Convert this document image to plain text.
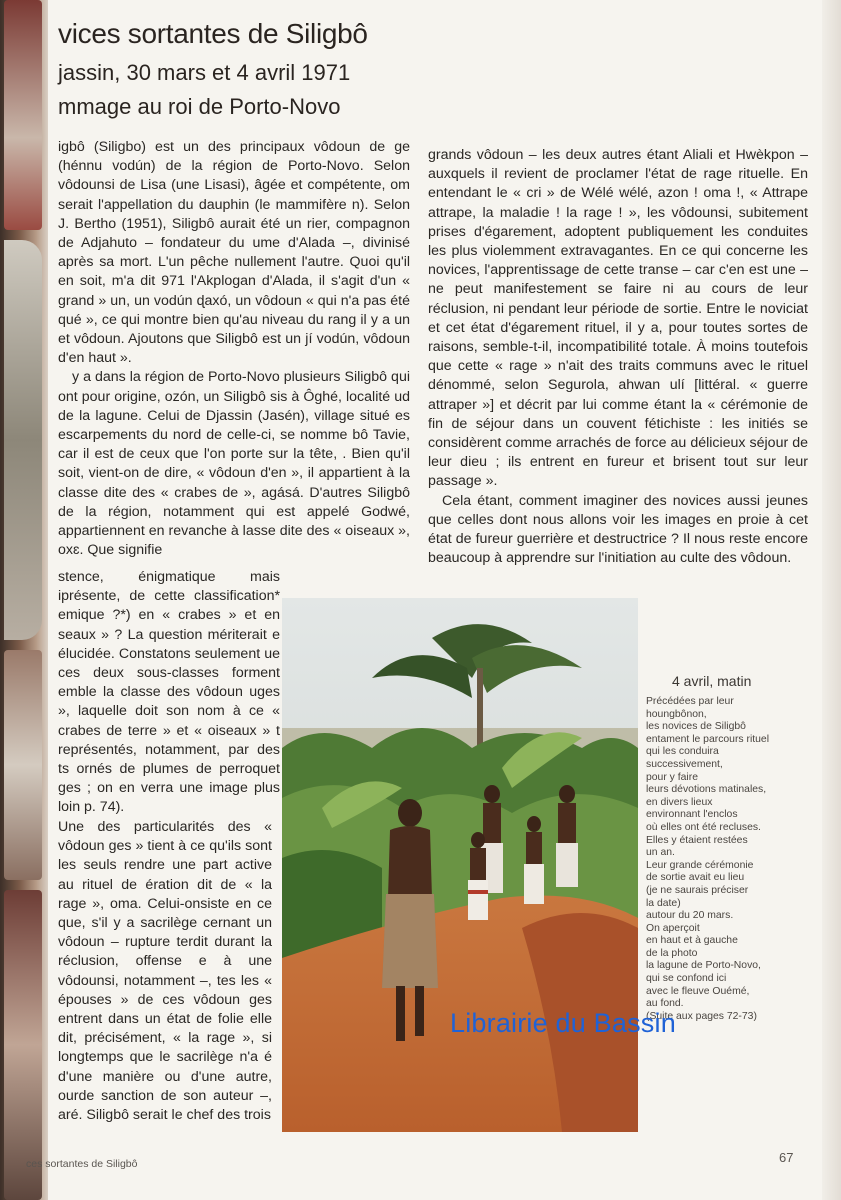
vices sortantes de Siligbô
jassin, 30 mars et 4 avril 1971
mmage au roi de Porto-Novo

igbô (Siligbo) est un des principaux vôdoun de ge (hénnu vodún) de la région de Porto-Novo. Selon vôdounsi de Lisa (une Lisasi), âgée et compétente, om serait l'appellation du dauphin (le mammifère n). Selon J. Bertho (1951), Siligbô aurait été un rier, compagnon de Adjahuto – fondateur du ume d'Alada –, divinisé après sa mort. L'un pêche nullement l'autre. Quoi qu'il en soit, m'a dit 971 l'Akplogan d'Alada, il s'agit d'un « grand » un, un vodún ɖaxó, un vôdoun « qui n'a pas été qué », ce qui montre bien qu'au niveau du rang il y a un et vôdoun. Ajoutons que Siligbô est un jí vodún, vôdoun d'en haut ».

y a dans la région de Porto-Novo plusieurs Siligbô qui ont pour origine, ozón, un Siligbô sis à Ôghé, localité ud de la lagune. Celui de Djassin (Jasén), village situé es escarpements du nord de celle-ci, se nomme bô Tavie, car il est de ceux que l'on porte sur la tête, . Bien qu'il soit, vient-on de dire, « vôdoun d'en », il appartient à la classe dite des « crabes de », agásá. D'autres Siligbô de la région, notamment qui est appelé Godwé, appartiennent en revanche à lasse dite des « oiseaux », oxɛ. Que signifie

stence, énigmatique mais iprésente, de cette classification* emique ?*) en « crabes » et en seaux » ? La question mériterait e élucidée. Constatons seulement ue ces deux sous-classes forment emble la classe des vôdoun uges », laquelle doit son nom à ce « crabes de terre » et « oiseaux » t représentés, notamment, par des ts ornés de plumes de perroquet ges ; on en verra une image plus loin p. 74).

Une des particularités des « vôdoun ges » tient à ce qu'ils sont les seuls rendre une part active au rituel de ération dit de « la rage », oma. Celui-onsiste en ce que, s'il y a sacrilège cernant un vôdoun – rupture terdit durant la réclusion, offense e à une vôdounsi, notamment –, tes les « épouses » de ces vôdoun ges entrent dans un état de folie elle dit, précisément, « la rage », si longtemps que le sacrilège n'a é d'une manière ou d'une autre, ourde sanction de son auteur –, aré. Siligbô serait le chef des trois

grands vôdoun – les deux autres étant Aliali et Hwèkpon – auxquels il revient de proclamer l'état de rage rituelle. En entendant le « cri » de Wélé wélé, azon ! oma !, « Attrape attrape, la maladie ! la rage ! », les vôdounsi, subitement prises d'égarement, adoptent publiquement les conduites les plus violemment extravagantes. En ce qui concerne les novices, l'apprentissage de cette transe – car c'en est une – ne peut manifestement se faire ni au cours de leur réclusion, ni pendant leur période de sortie. Entre le noviciat et cet état d'égarement rituel, il y a, pour toutes sortes de raisons, semble-t-il, incompatibilité totale. À moins toutefois que cette « rage » n'ait des traits communs avec le rituel dénommé, selon Segurola, ahwan ulí [littéral. « guerre attraper »] et décrit par lui comme étant la « cérémonie de fin de séjour dans un couvent fétichiste : les initiés se considèrent comme arrachés de force au délicieux séjour de leur dieu ; ils entrent en fureur et brisent tout sur leur passage ».

Cela étant, comment imaginer des novices aussi jeunes que celles dont nous allons voir les images en proie à cet état de fureur guerrière et destructrice ? Il nous reste encore beaucoup à apprendre sur l'initiation au culte des vôdoun.

4 avril, matin
Précédées par leur
houngbônon,
les novices de Siligbô
entament le parcours rituel
qui les conduira
successivement,
pour y faire
leurs dévotions matinales,
en divers lieux
environnant l'enclos
où elles ont été recluses.
Elles y étaient restées
un an.
Leur grande cérémonie
de sortie avait eu lieu
(je ne saurais préciser
la date)
autour du 20 mars.
On aperçoit
en haut et à gauche
de la photo
la lagune de Porto-Novo,
qui se confond ici
avec le fleuve Ouémé,
au fond.
(Suite aux pages 72-73)
Librairie du Bassin
ces sortantes de Siligbô	67
